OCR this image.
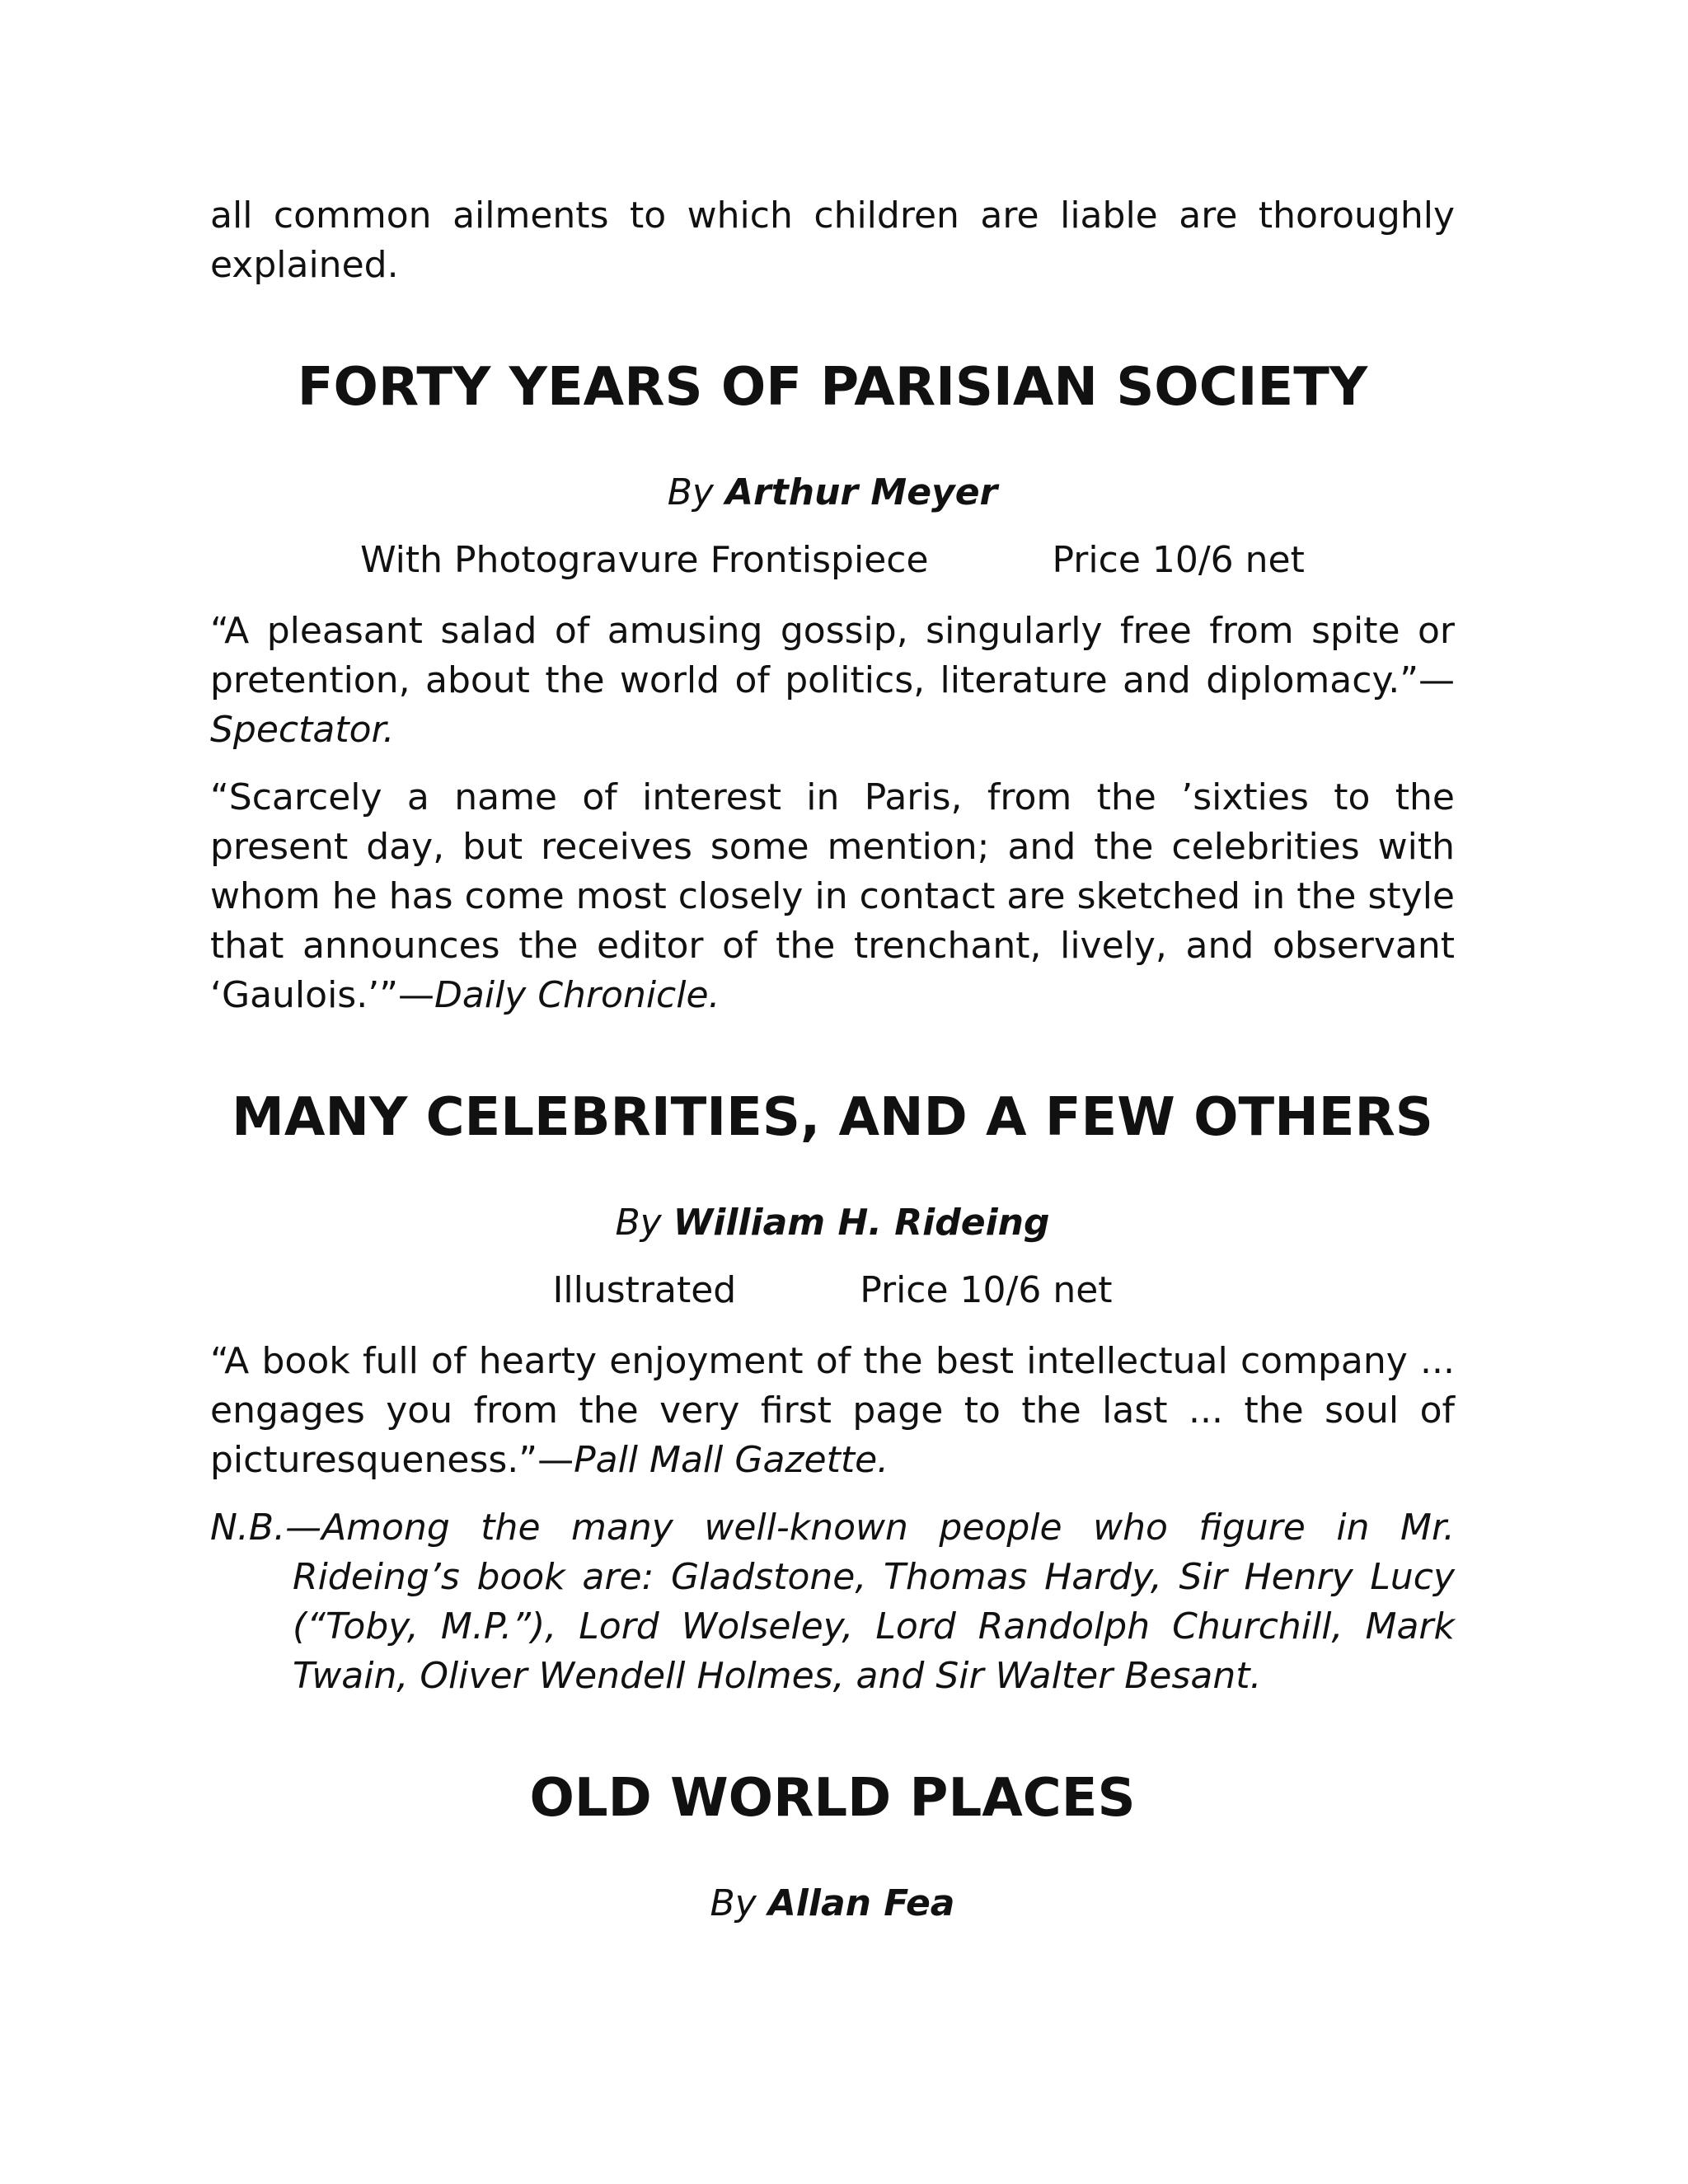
all common ailments to which children are liable are thoroughly explained.

FORTY YEARS OF PARISIAN SOCIETY
By Arthur Meyer
With Photogravure Frontispiece	Price 10/6 net

“A pleasant salad of amusing gossip, singularly free from spite or pretention, about the world of politics, literature and diplomacy.”—Spectator.

“Scarcely a name of interest in Paris, from the ’sixties to the present day, but receives some mention; and the celebrities with whom he has come most closely in contact are sketched in the style that announces the editor of the trenchant, lively, and observant ‘Gaulois.’”—Daily Chronicle.

MANY CELEBRITIES, AND A FEW OTHERS
By William H. Rideing
Illustrated	Price 10/6 net

“A book full of hearty enjoyment of the best intellectual company ... engages you from the very first page to the last ... the soul of picturesqueness.”—Pall Mall Gazette.

N.B.—Among the many well-known people who figure in Mr. Rideing’s book are: Gladstone, Thomas Hardy, Sir Henry Lucy (“Toby, M.P.”), Lord Wolseley, Lord Randolph Churchill, Mark Twain, Oliver Wendell Holmes, and Sir Walter Besant.

OLD WORLD PLACES
By Allan Fea
